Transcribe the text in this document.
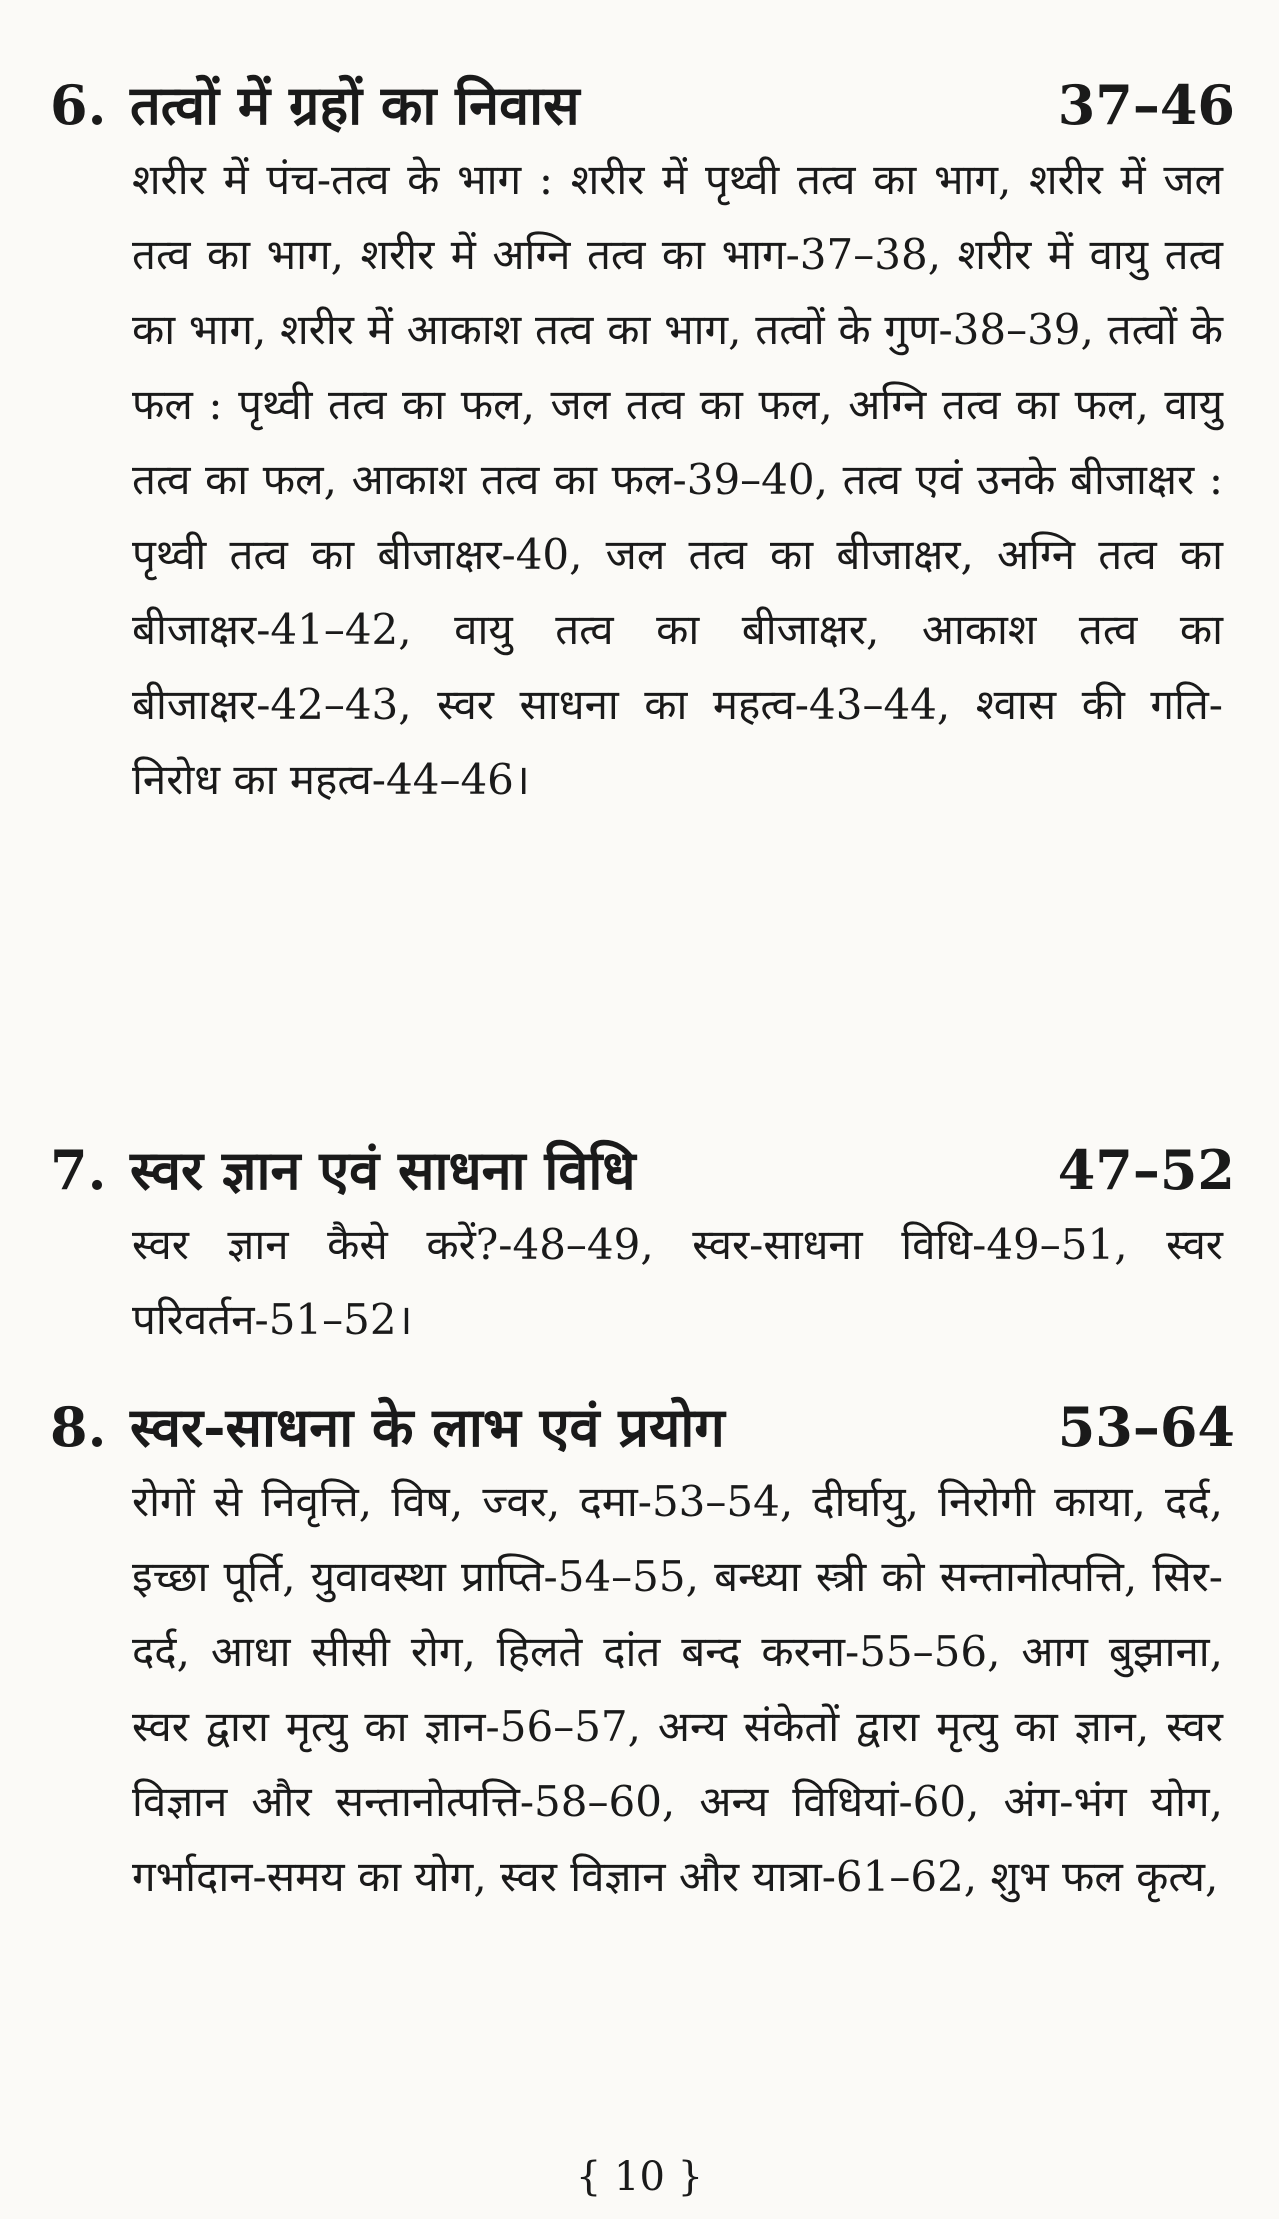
6. तत्वों में ग्रहों का निवास	37–46
शरीर में पंच-तत्व के भाग : शरीर में पृथ्वी तत्व का भाग, शरीर में जल तत्व का भाग, शरीर में अग्नि तत्व का भाग-37–38, शरीर में वायु तत्व का भाग, शरीर में आकाश तत्व का भाग, तत्वों के गुण-38–39, तत्वों के फल : पृथ्वी तत्व का फल, जल तत्व का फल, अग्नि तत्व का फल, वायु तत्व का फल, आकाश तत्व का फल-39–40, तत्व एवं उनके बीजाक्षर : पृथ्वी तत्व का बीजाक्षर-40, जल तत्व का बीजाक्षर, अग्नि तत्व का बीजाक्षर-41–42, वायु तत्व का बीजाक्षर, आकाश तत्व का बीजाक्षर-42–43, स्वर साधना का महत्व-43–44, श्वास की गति-निरोध का महत्व-44–46।
7. स्वर ज्ञान एवं साधना विधि	47–52
स्वर ज्ञान कैसे करें?-48–49, स्वर-साधना विधि-49–51, स्वर परिवर्तन-51–52।
8. स्वर-साधना के लाभ एवं प्रयोग	53–64
रोगों से निवृत्ति, विष, ज्वर, दमा-53–54, दीर्घायु, निरोगी काया, दर्द, इच्छा पूर्ति, युवावस्था प्राप्ति-54–55, बन्ध्या स्त्री को सन्तानोत्पत्ति, सिर-दर्द, आधा सीसी रोग, हिलते दांत बन्द करना-55–56, आग बुझाना, स्वर द्वारा मृत्यु का ज्ञान-56–57, अन्य संकेतों द्वारा मृत्यु का ज्ञान, स्वर विज्ञान और सन्तानोत्पत्ति-58–60, अन्य विधियां-60, अंग-भंग योग, गर्भादान-समय का योग, स्वर विज्ञान और यात्रा-61–62, शुभ फल कृत्य,
{ 10 }
